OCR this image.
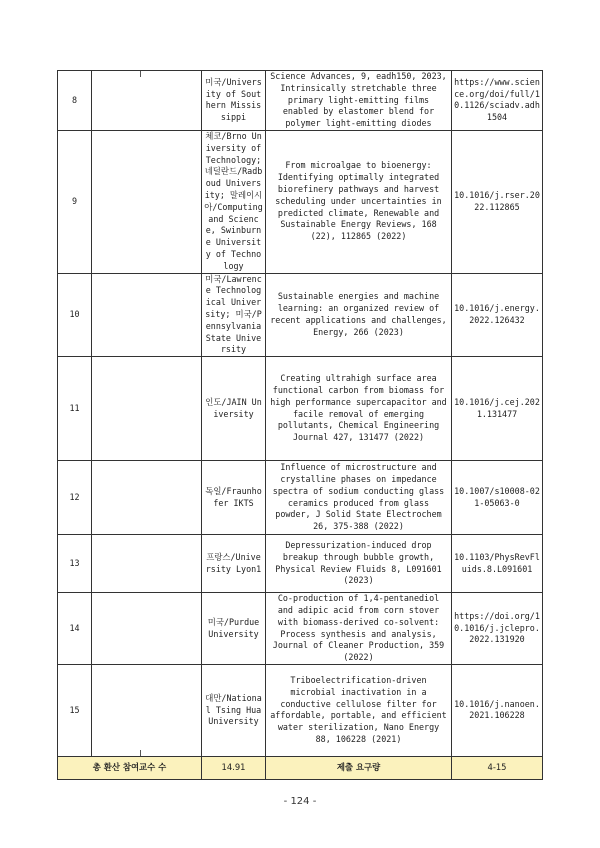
8		미국/University of Southern Mississippi	Science Advances, 9, eadh150, 2023, Intrinsically stretchable three primary light-emitting films enabled by elastomer blend for polymer light-emitting diodes	https://www.science.org/doi/full/10.1126/sciadv.adh1504
9		체코/Brno University of Technology; 네덜란드/Radboud University; 말레이시아/Computing and Science, Swinburne University of Technology	From microalgae to bioenergy: Identifying optimally integrated biorefinery pathways and harvest scheduling under uncertainties in predicted climate, Renewable and Sustainable Energy Reviews, 168 (22), 112865 (2022)	10.1016/j.rser.2022.112865
10		미국/Lawrence Technological University; 미국/Pennsylvania State University	Sustainable energies and machine learning: an organized review of recent applications and challenges, Energy, 266 (2023)	10.1016/j.energy.2022.126432
11		인도/JAIN University	Creating ultrahigh surface area functional carbon from biomass for high performance supercapacitor and facile removal of emerging pollutants, Chemical Engineering Journal 427, 131477 (2022)	10.1016/j.cej.2021.131477
12		독일/Fraunhofer IKTS	Influence of microstructure and crystalline phases on impedance spectra of sodium conducting glass ceramics produced from glass powder, J Solid State Electrochem 26, 375-388 (2022)	10.1007/s10008-021-05063-0
13		프랑스/University Lyon1	Depressurization-induced drop breakup through bubble growth, Physical Review Fluids 8, L091601 (2023)	10.1103/PhysRevFluids.8.L091601
14		미국/Purdue University	Co-production of 1,4-pentanediol and adipic acid from corn stover with biomass-derived co-solvent: Process synthesis and analysis, Journal of Cleaner Production, 359 (2022)	https://doi.org/10.1016/j.jclepro.2022.131920
15		대만/National Tsing Hua University	Triboelectrification-driven microbial inactivation in a conductive cellulose filter for affordable, portable, and efficient water sterilization, Nano Energy 88, 106228 (2021)	10.1016/j.nanoen.2021.106228
총 환산 참여교수 수		14.91	제출 요구량	4-15
- 124 -
